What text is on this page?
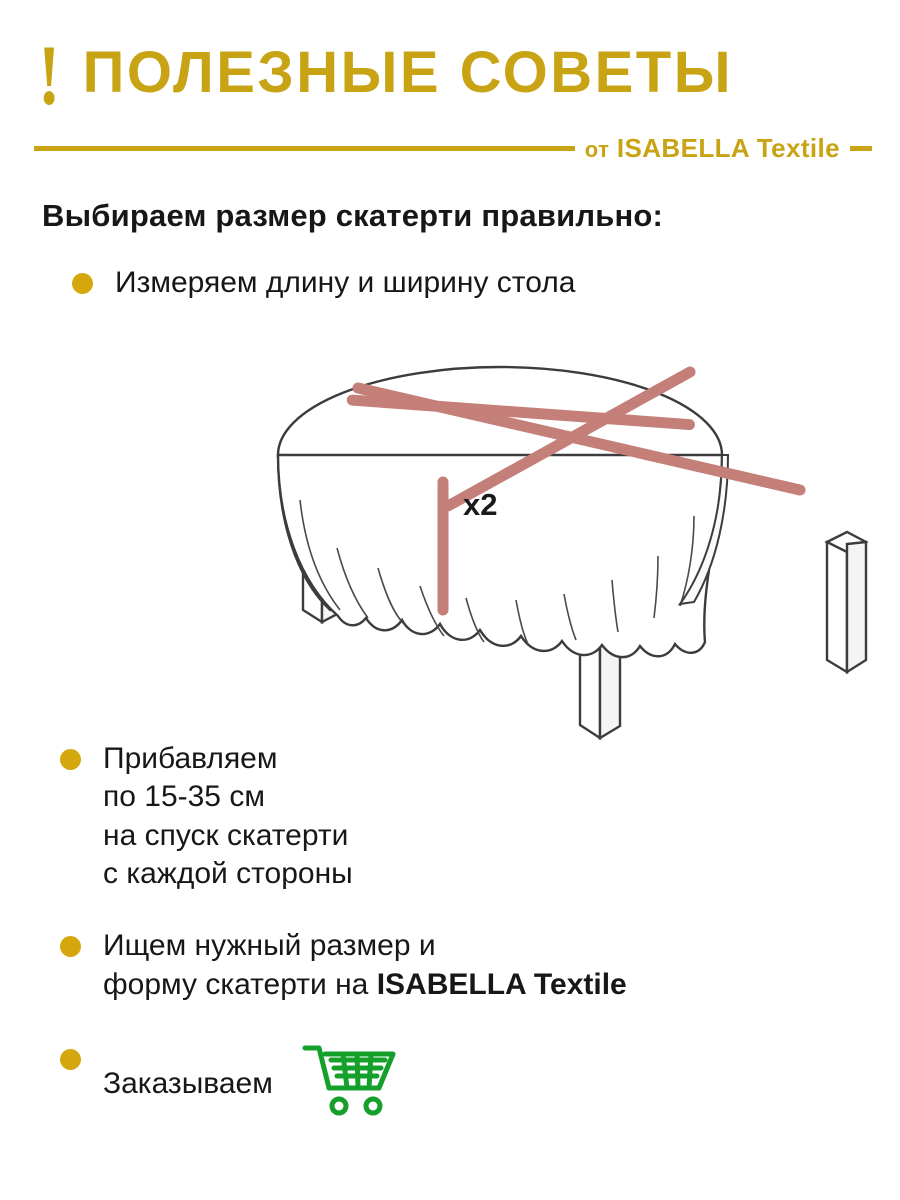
! ПОЛЕЗНЫЕ СОВЕТЫ
от ISABELLA Textile
Выбираем размер скатерти правильно:
Измеряем длину и ширину стола
x2
Прибавляем
по 15-35 см
на спуск скатерти
с каждой стороны
Ищем нужный размер и
форму скатерти на ISABELLA Textile
Заказываем
